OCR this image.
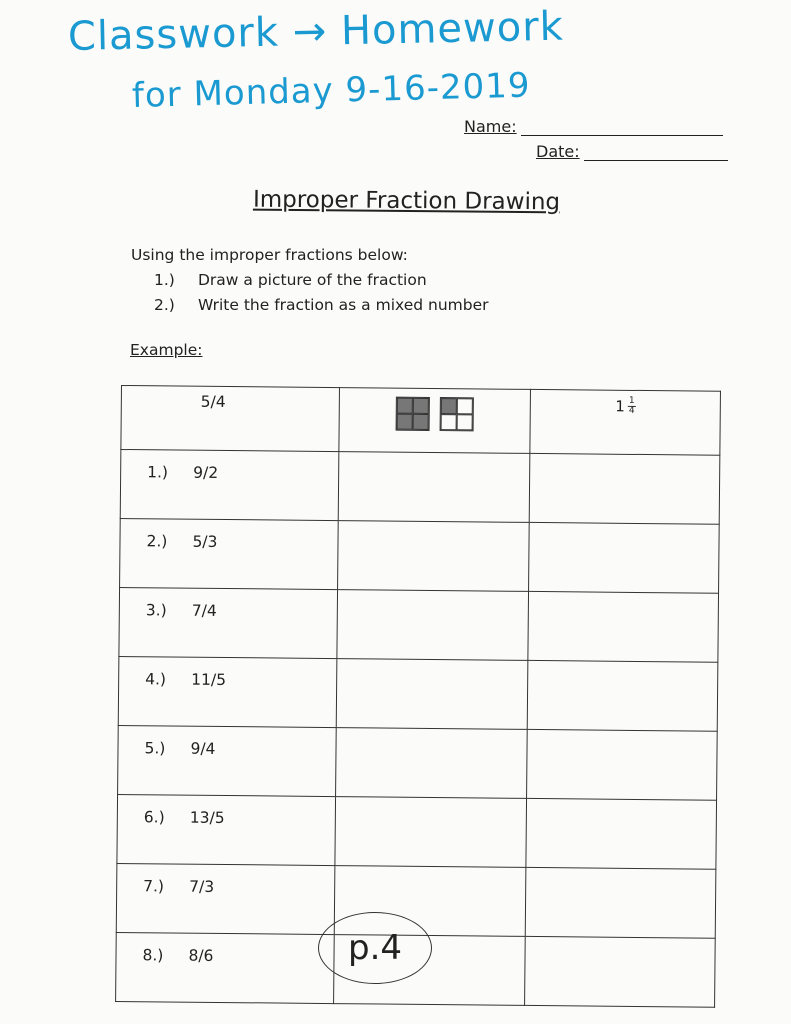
Classwork → Homework
for Monday 9-16-2019
Name:
Date:
Improper Fraction Drawing
Using the improper fractions below:
1.) Draw a picture of the fraction
2.) Write the fraction as a mixed number
Example:
5/4		$1 \frac{1}{4}$

1.) 9/2		
2.) 5/3		
3.) 7/4		
4.) 11/5		
5.) 9/4		
6.) 13/5		
7.) 7/3		
8.) 8/6			p.4
